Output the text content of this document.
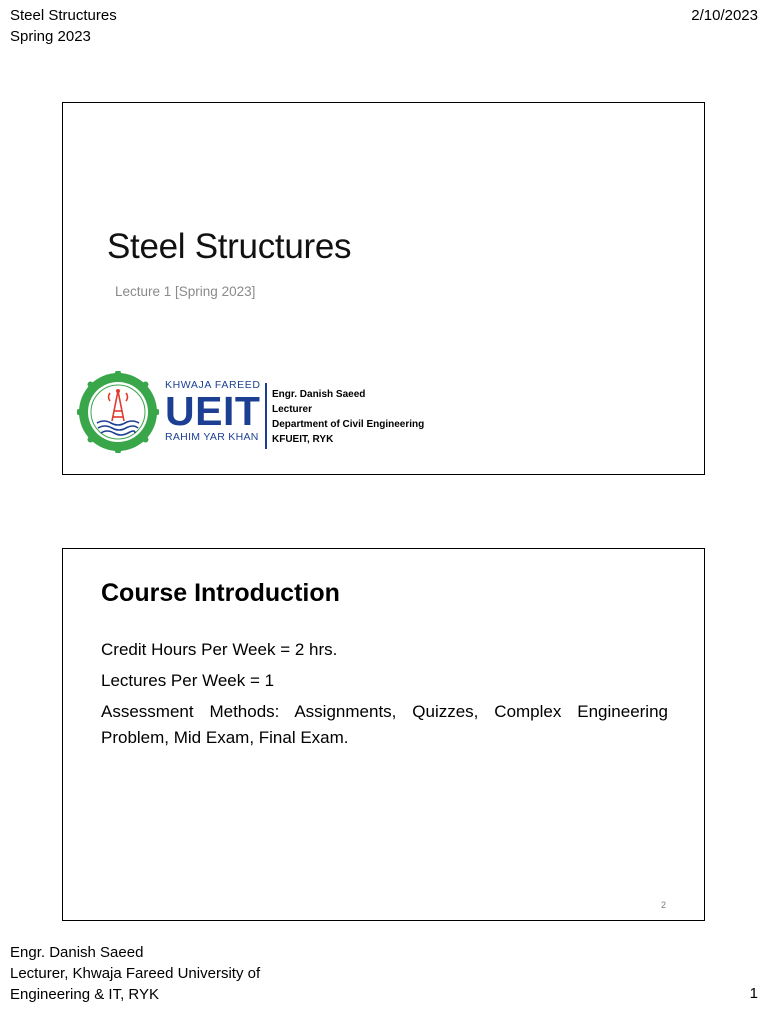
Steel Structures
Spring 2023
2/10/2023
Steel Structures
Lecture 1 [Spring 2023]
KHWAJA FAREED
UEIT
RAHIM YAR KHAN
Engr. Danish Saeed
Lecturer
Department of Civil Engineering
KFUEIT, RYK
Course Introduction

Credit Hours Per Week = 2 hrs.

Lectures Per Week = 1

Assessment Methods: Assignments, Quizzes, Complex Engineering Problem, Mid Exam, Final Exam.

2
Engr. Danish Saeed
Lecturer, Khwaja Fareed University of
Engineering & IT, RYK	1
